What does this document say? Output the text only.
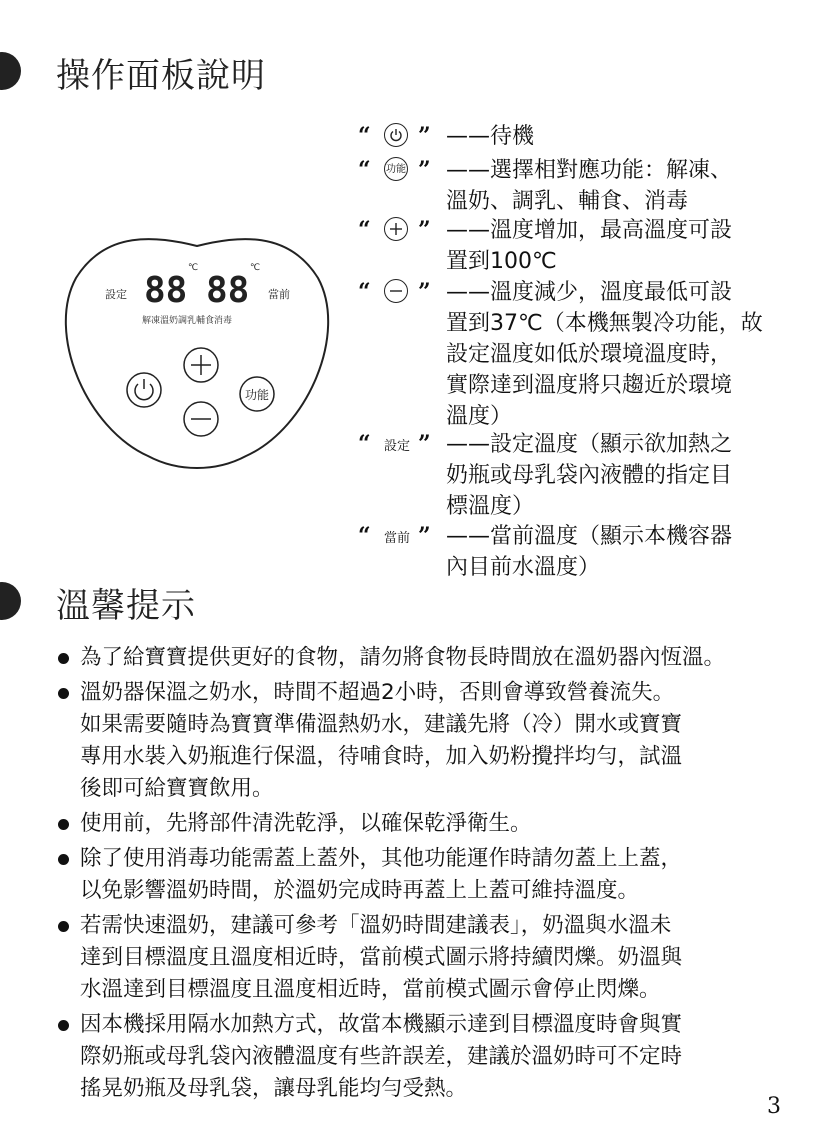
操作面板說明
88
℃
88
℃
設定	當前
解凍溫奶調乳輔食消毒
功能
“ ” ——待機
“ 功能 ” ——選擇相對應功能：解凍、
溫奶、調乳、輔食、消毒
“ ” ——溫度增加，最高溫度可設
置到100℃
“ ” ——溫度減少，溫度最低可設
置到37℃（本機無製冷功能，故
設定溫度如低於環境溫度時，
實際達到溫度將只趨近於環境
溫度）
“ 設定 ” ——設定溫度（顯示欲加熱之
奶瓶或母乳袋內液體的指定目
標溫度）
“ 當前 ” ——當前溫度（顯示本機容器
內目前水溫度）
溫馨提示
為了給寶寶提供更好的食物，請勿將食物長時間放在溫奶器內恆溫。
溫奶器保溫之奶水，時間不超過2小時，否則會導致營養流失。
如果需要隨時為寶寶準備溫熱奶水，建議先將（冷）開水或寶寶
專用水裝入奶瓶進行保溫，待哺食時，加入奶粉攪拌均勻，試溫
後即可給寶寶飲用。
使用前，先將部件清洗乾淨，以確保乾淨衛生。
除了使用消毒功能需蓋上蓋外，其他功能運作時請勿蓋上上蓋，
以免影響溫奶時間，於溫奶完成時再蓋上上蓋可維持溫度。
若需快速溫奶，建議可參考「溫奶時間建議表」，奶溫與水溫未
達到目標溫度且溫度相近時，當前模式圖示將持續閃爍。奶溫與
水溫達到目標溫度且溫度相近時，當前模式圖示會停止閃爍。
因本機採用隔水加熱方式，故當本機顯示達到目標溫度時會與實
際奶瓶或母乳袋內液體溫度有些許誤差，建議於溫奶時可不定時
搖晃奶瓶及母乳袋，讓母乳能均勻受熱。
3
